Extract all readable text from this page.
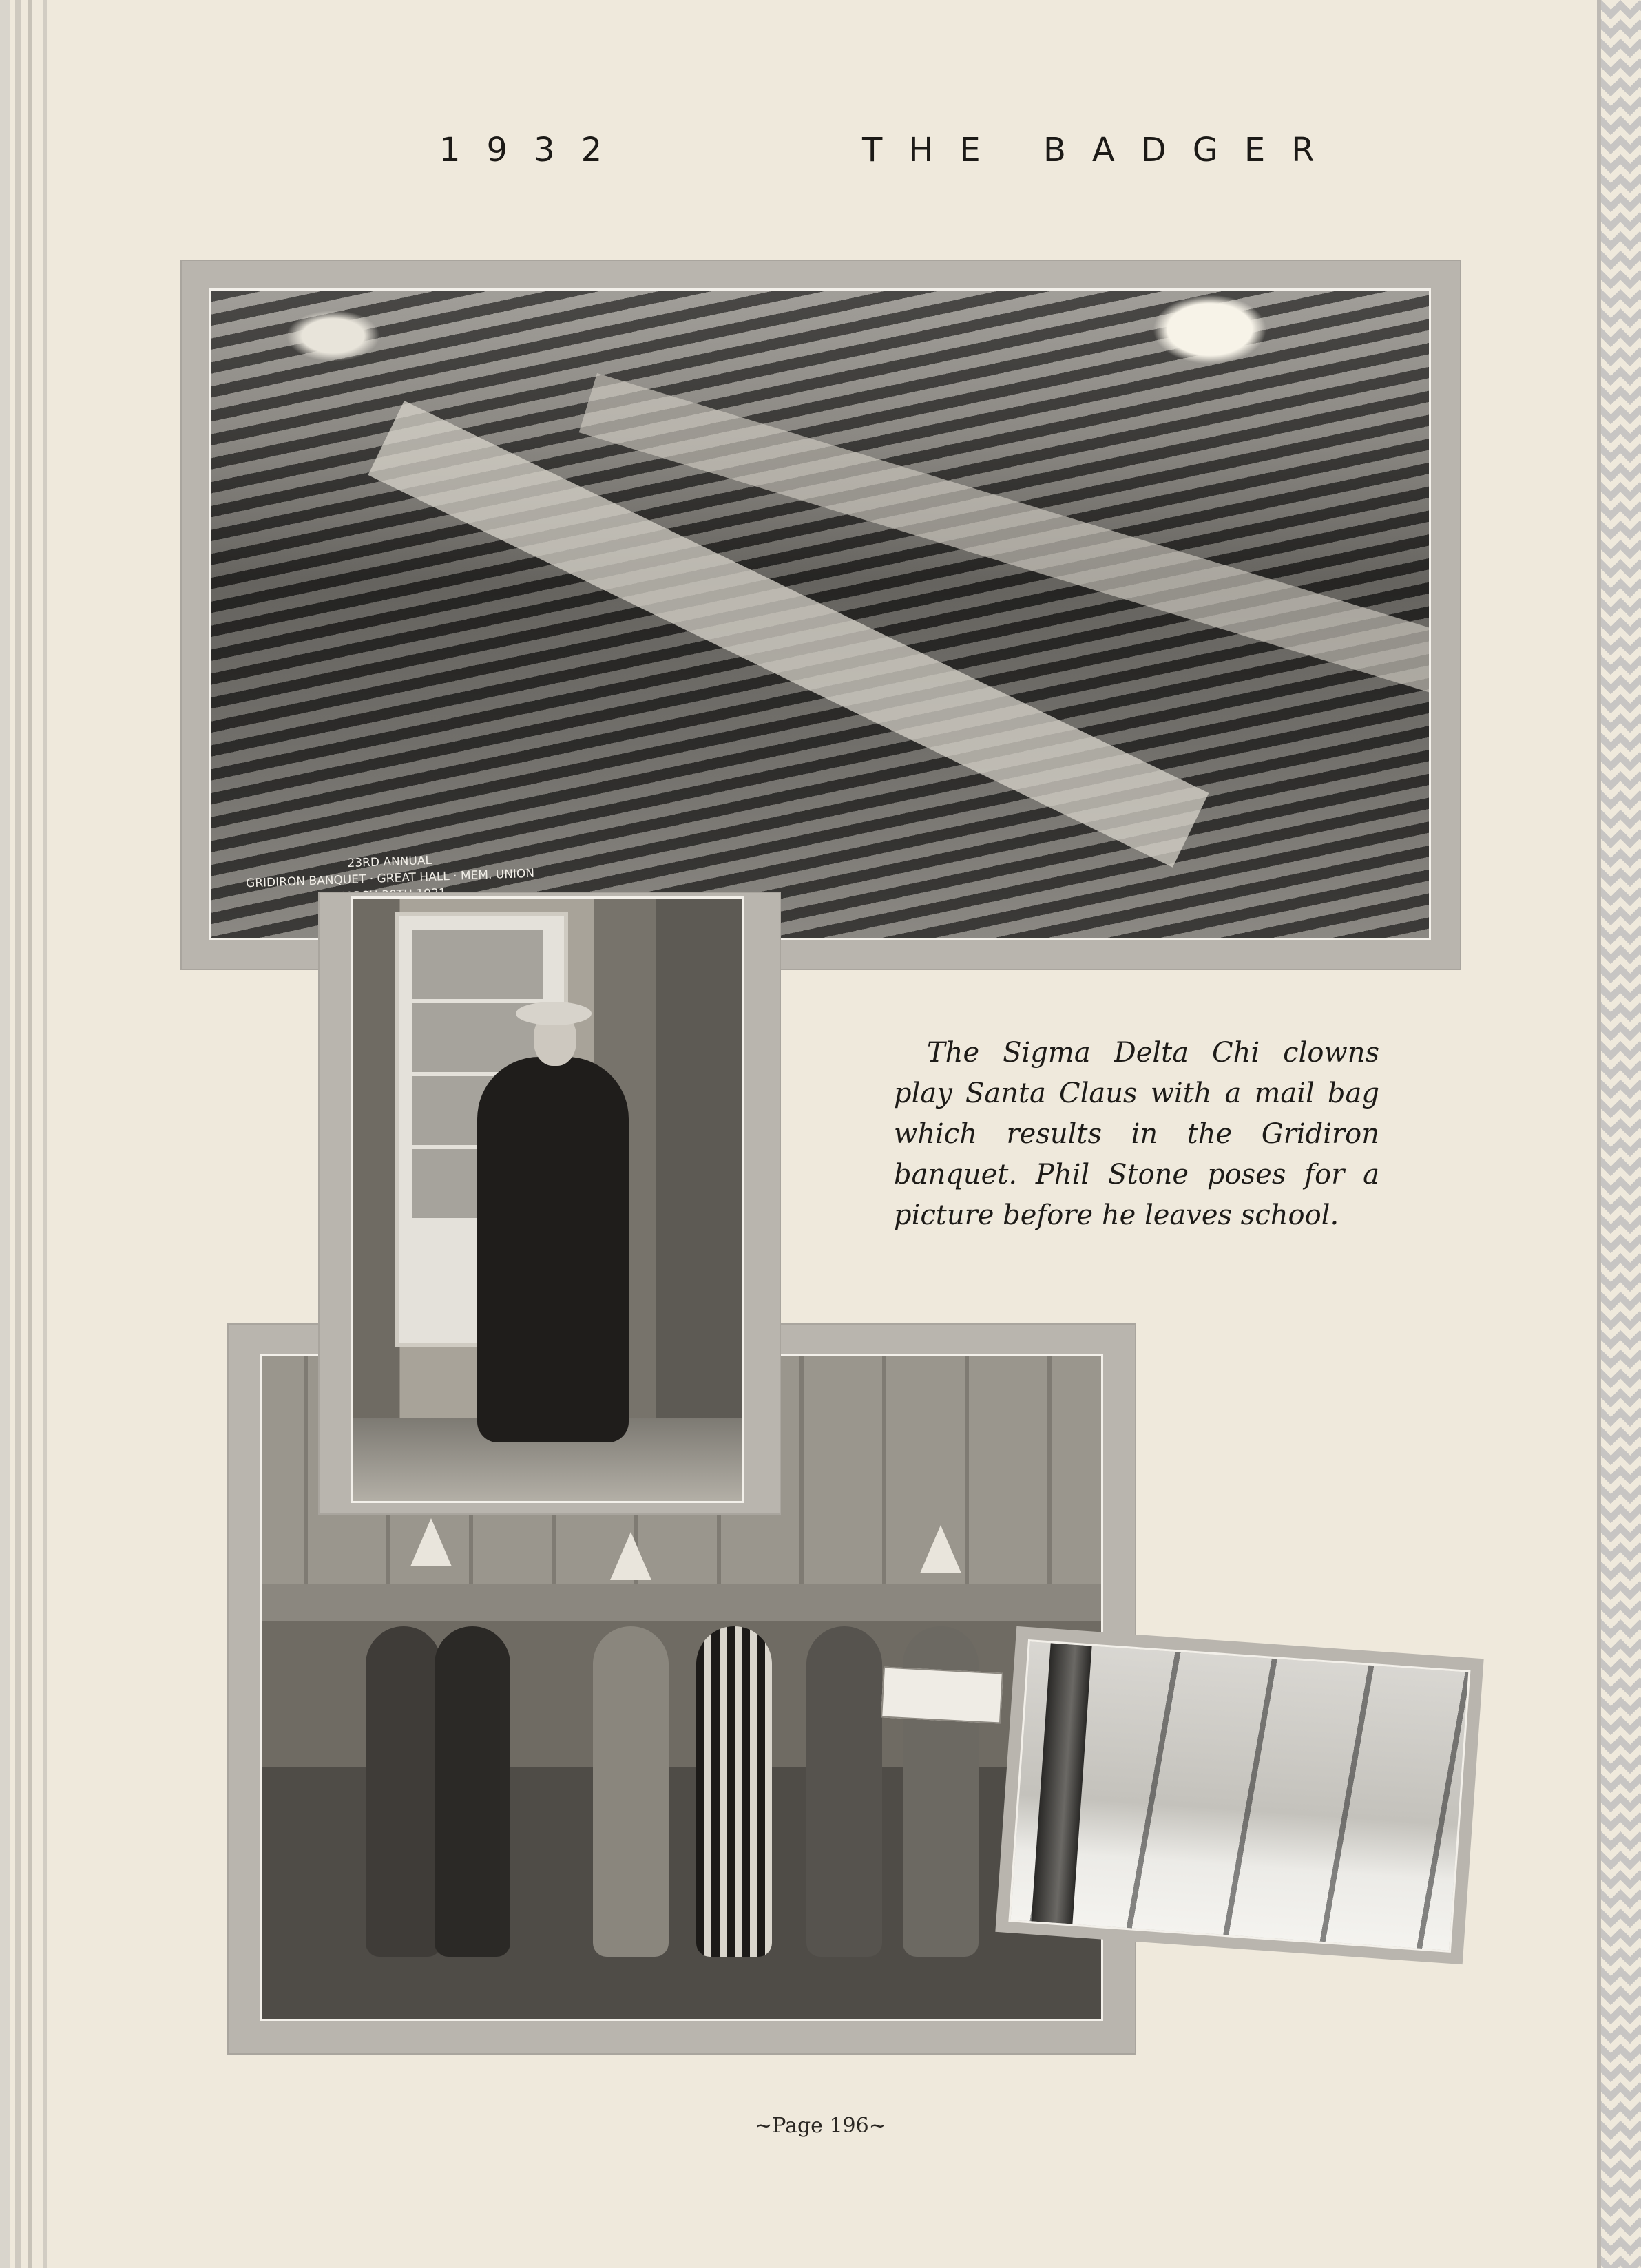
1932	THE BADGER
23RD ANNUAL
GRIDIRON BANQUET · GREAT HALL · MEM. UNION
The Sigma Delta Chi clowns play Santa Claus with a mail bag which results in the Gridiron banquet. Phil Stone poses for a picture before he leaves school.
~Page 196~
